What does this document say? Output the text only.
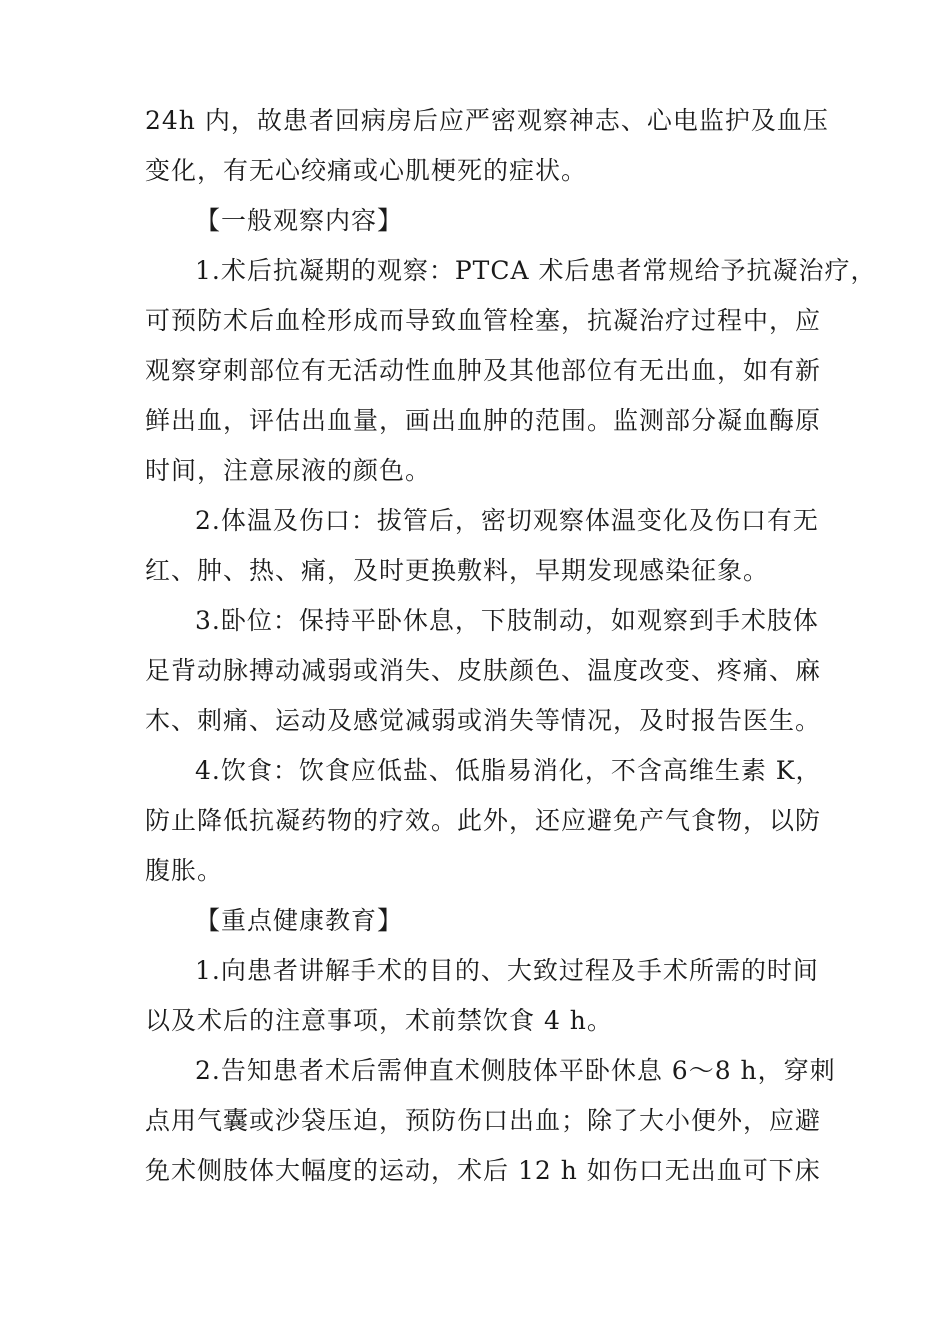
24h 内，故患者回病房后应严密观察神志、心电监护及血压
变化，有无心绞痛或心肌梗死的症状。
【一般观察内容】
1.术后抗凝期的观察：PTCA 术后患者常规给予抗凝治疗，
可预防术后血栓形成而导致血管栓塞，抗凝治疗过程中，应
观察穿刺部位有无活动性血肿及其他部位有无出血，如有新
鲜出血，评估出血量，画出血肿的范围。监测部分凝血酶原
时间，注意尿液的颜色。
2.体温及伤口：拔管后，密切观察体温变化及伤口有无
红、肿、热、痛，及时更换敷料，早期发现感染征象。
3.卧位：保持平卧休息，下肢制动，如观察到手术肢体
足背动脉搏动减弱或消失、皮肤颜色、温度改变、疼痛、麻
木、刺痛、运动及感觉减弱或消失等情况，及时报告医生。
4.饮食：饮食应低盐、低脂易消化，不含高维生素 K，
防止降低抗凝药物的疗效。此外，还应避免产气食物，以防
腹胀。
【重点健康教育】
1.向患者讲解手术的目的、大致过程及手术所需的时间
以及术后的注意事项，术前禁饮食 4 h。
2.告知患者术后需伸直术侧肢体平卧休息 6～8 h，穿刺
点用气囊或沙袋压迫，预防伤口出血；除了大小便外，应避
免术侧肢体大幅度的运动，术后 12 h 如伤口无出血可下床
